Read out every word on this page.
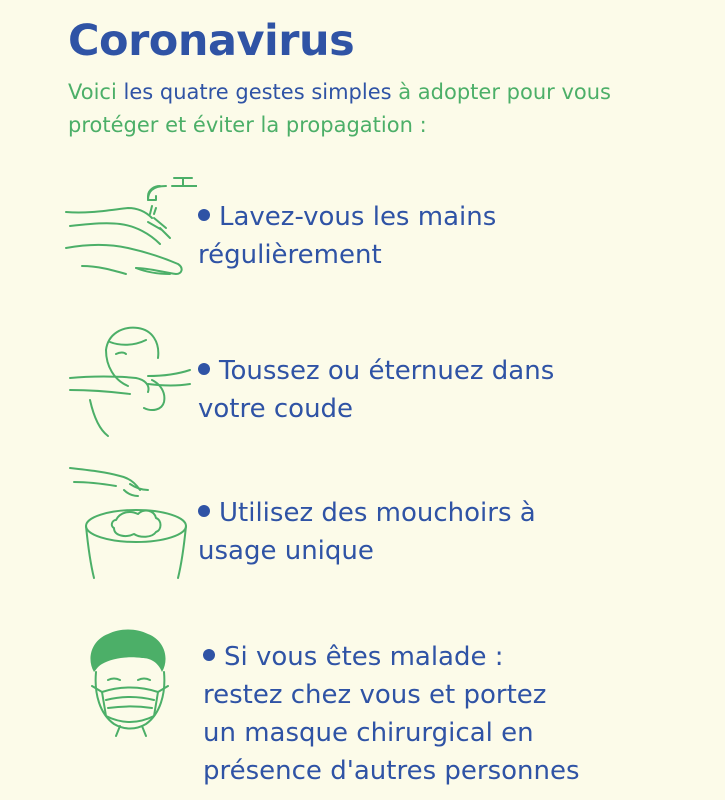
Coronavirus

Voici les quatre gestes simples à adopter pour vous protéger et éviter la propagation :

Lavez-vous les mains
régulièrement

Toussez ou éternuez dans
votre coude

Utilisez des mouchoirs à
usage unique

Si vous êtes malade :
restez chez vous et portez
un masque chirurgical en
présence d'autres personnes
